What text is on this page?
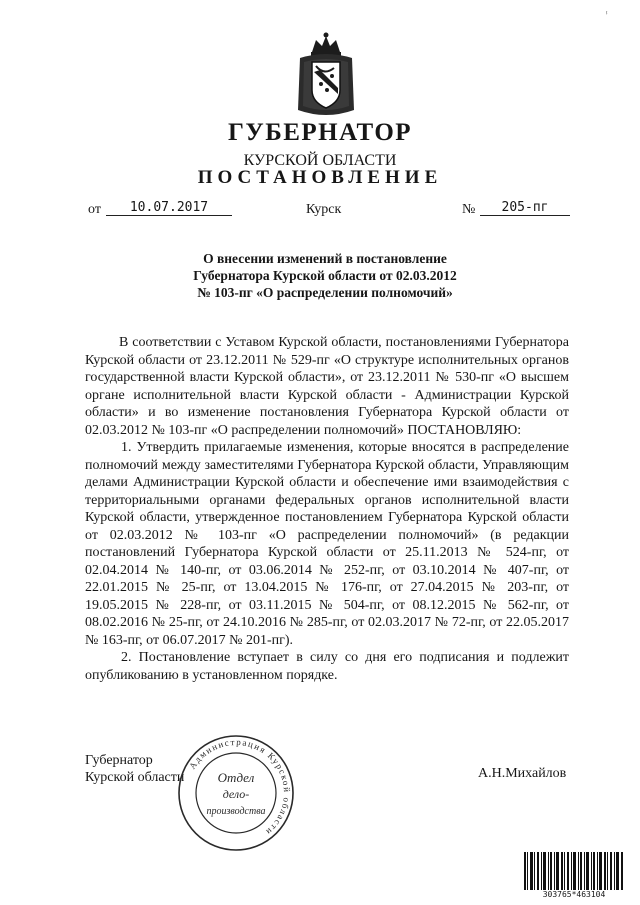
ⸯ
ГУБЕРНАТОР
КУРСКОЙ ОБЛАСТИ
ПОСТАНОВЛЕНИЕ
от	10.07.2017	Курск	№	205-пг
О внесении изменений в постановление
Губернатора Курской области от 02.03.2012
№ 103-пг «О распределении полномочий»

В соответствии с Уставом Курской области, постановлениями Губернатора Курской области от 23.12.2011 № 529-пг «О структуре исполнительных органов государственной власти Курской области», от 23.12.2011 № 530-пг «О высшем органе исполнительной власти Курской области - Администрации Курской области» и во изменение постановления Губернатора Курской области от 02.03.2012 № 103-пг «О распределении полномочий» ПОСТАНОВЛЯЮ:

1. Утвердить прилагаемые изменения, которые вносятся в распределение полномочий между заместителями Губернатора Курской области, Управляющим делами Администрации Курской области и обеспечение ими взаимодействия с территориальными органами федеральных органов исполнительной власти Курской области, утвержденное постановлением Губернатора Курской области от 02.03.2012 № 103-пг «О распределении полномочий» (в редакции постановлений Губернатора Курской области от 25.11.2013 № 524-пг, от 02.04.2014 № 140-пг, от 03.06.2014 № 252-пг, от 03.10.2014 № 407-пг, от 22.01.2015 № 25-пг, от 13.04.2015 № 176-пг, от 27.04.2015 № 203-пг, от 19.05.2015 № 228-пг, от 03.11.2015 № 504-пг, от 08.12.2015 № 562-пг, от 08.02.2016 № 25-пг, от 24.10.2016 № 285-пг, от 02.03.2017 № 72-пг, от 22.05.2017 № 163-пг, от 06.07.2017 № 201-пг).

2. Постановление вступает в силу со дня его подписания и подлежит опубликованию в установленном порядке.

Губернатор
Курской области	А.Н.Михайлов
Администрация Курской области
Отдел
дело-
производства
303765*463104
